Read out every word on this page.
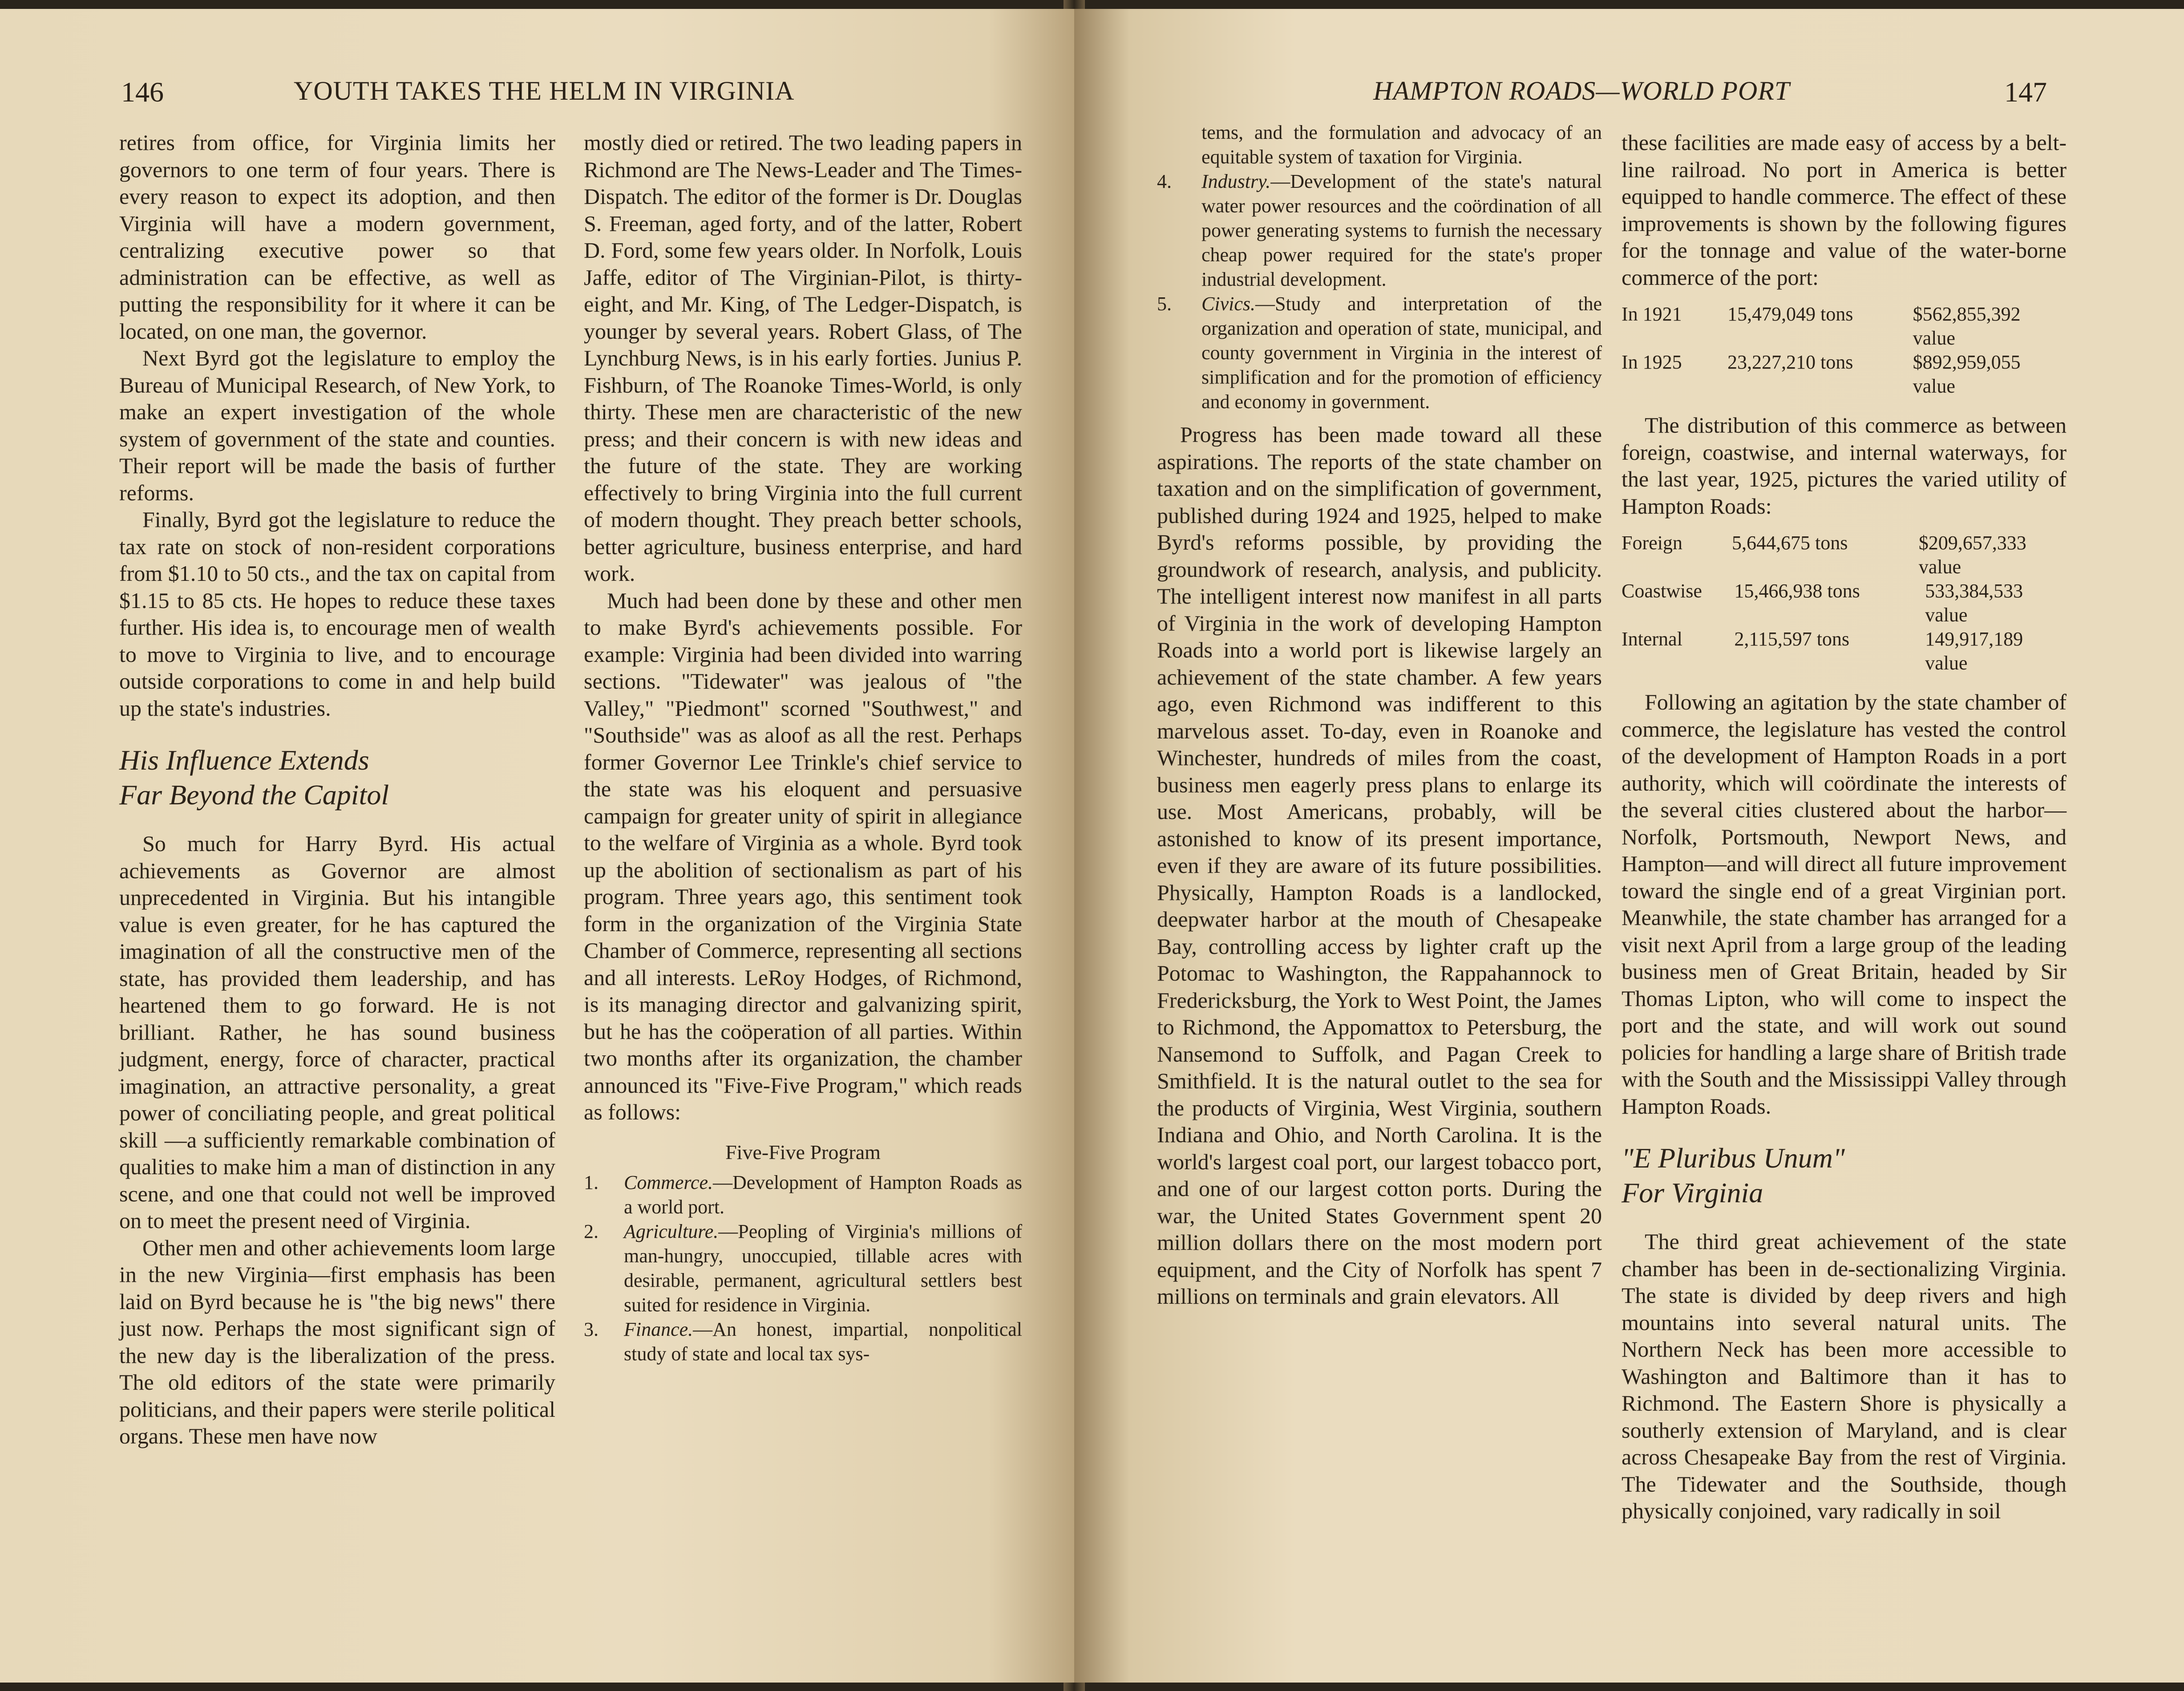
146	YOUTH TAKES THE HELM IN VIRGINIA

retires from office, for Virginia limits her governors to one term of four years. There is every reason to expect its adoption, and then Virginia will have a modern government, centralizing executive power so that administration can be effective, as well as putting the responsibility for it where it can be located, on one man, the governor.

Next Byrd got the legislature to employ the Bureau of Municipal Research, of New York, to make an expert investigation of the whole system of government of the state and counties. Their report will be made the basis of further reforms.

Finally, Byrd got the legislature to reduce the tax rate on stock of non-resident corporations from $1.10 to 50 cts., and the tax on capital from $1.15 to 85 cts. He hopes to reduce these taxes further. His idea is, to encourage men of wealth to move to Virginia to live, and to encourage outside corporations to come in and help build up the state's industries.

His Influence Extends
Far Beyond the Capitol

So much for Harry Byrd. His actual achievements as Governor are almost unprecedented in Virginia. But his intangible value is even greater, for he has captured the imagination of all the constructive men of the state, has provided them leadership, and has heartened them to go forward. He is not brilliant. Rather, he has sound business judgment, energy, force of character, practical imagination, an attractive personality, a great power of conciliating people, and great political skill —a sufficiently remarkable combination of qualities to make him a man of distinction in any scene, and one that could not well be improved on to meet the present need of Virginia.

Other men and other achievements loom large in the new Virginia—first emphasis has been laid on Byrd because he is "the big news" there just now. Perhaps the most significant sign of the new day is the liberalization of the press. The old editors of the state were primarily politicians, and their papers were sterile political organs. These men have now

mostly died or retired. The two leading papers in Richmond are The News-Leader and The Times-Dispatch. The editor of the former is Dr. Douglas S. Freeman, aged forty, and of the latter, Robert D. Ford, some few years older. In Norfolk, Louis Jaffe, editor of The Virginian-Pilot, is thirty-eight, and Mr. King, of The Ledger-Dispatch, is younger by several years. Robert Glass, of The Lynchburg News, is in his early forties. Junius P. Fishburn, of The Roanoke Times-World, is only thirty. These men are characteristic of the new press; and their concern is with new ideas and the future of the state. They are working effectively to bring Virginia into the full current of modern thought. They preach better schools, better agriculture, business enterprise, and hard work.

Much had been done by these and other men to make Byrd's achievements possible. For example: Virginia had been divided into warring sections. "Tidewater" was jealous of "the Valley," "Piedmont" scorned "Southwest," and "Southside" was as aloof as all the rest. Perhaps former Governor Lee Trinkle's chief service to the state was his eloquent and persuasive campaign for greater unity of spirit in allegiance to the welfare of Virginia as a whole. Byrd took up the abolition of sectionalism as part of his program. Three years ago, this sentiment took form in the organization of the Virginia State Chamber of Commerce, representing all sections and all interests. LeRoy Hodges, of Richmond, is its managing director and galvanizing spirit, but he has the coöperation of all parties. Within two months after its organization, the chamber announced its "Five-Five Program," which reads as follows:

Five-Five Program
1. Commerce.—Development of Hampton Roads as a world port.
2. Agriculture.—Peopling of Virginia's millions of man-hungry, unoccupied, tillable acres with desirable, permanent, agricultural settlers best suited for residence in Virginia.
3. Finance.—An honest, impartial, nonpolitical study of state and local tax sys-
HAMPTON ROADS—WORLD PORT	147
tems, and the formulation and advocacy of an equitable system of taxation for Virginia.
4. Industry.—Development of the state's natural water power resources and the coördination of all power generating systems to furnish the necessary cheap power required for the state's proper industrial development.
5. Civics.—Study and interpretation of the organization and operation of state, municipal, and county government in Virginia in the interest of simplification and for the promotion of efficiency and economy in government.

Progress has been made toward all these aspirations. The reports of the state chamber on taxation and on the simplification of government, published during 1924 and 1925, helped to make Byrd's reforms possible, by providing the groundwork of research, analysis, and publicity. The intelligent interest now manifest in all parts of Virginia in the work of developing Hampton Roads into a world port is likewise largely an achievement of the state chamber. A few years ago, even Richmond was indifferent to this marvelous asset. To-day, even in Roanoke and Winchester, hundreds of miles from the coast, business men eagerly press plans to enlarge its use. Most Americans, probably, will be astonished to know of its present importance, even if they are aware of its future possibilities. Physically, Hampton Roads is a landlocked, deepwater harbor at the mouth of Chesapeake Bay, controlling access by lighter craft up the Potomac to Washington, the Rappahannock to Fredericksburg, the York to West Point, the James to Richmond, the Appomattox to Petersburg, the Nansemond to Suffolk, and Pagan Creek to Smithfield. It is the natural outlet to the sea for the products of Virginia, West Virginia, southern Indiana and Ohio, and North Carolina. It is the world's largest coal port, our largest tobacco port, and one of our largest cotton ports. During the war, the United States Government spent 20 million dollars there on the most modern port equipment, and the City of Norfolk has spent 7 millions on terminals and grain elevators. All

these facilities are made easy of access by a belt-line railroad. No port in America is better equipped to handle commerce. The effect of these improvements is shown by the following figures for the tonnage and value of the water-borne commerce of the port:

In 1921	15,479,049 tons	$562,855,392 value
In 1925	23,227,210 tons	$892,959,055 value

The distribution of this commerce as between foreign, coastwise, and internal waterways, for the last year, 1925, pictures the varied utility of Hampton Roads:

Foreign	5,644,675 tons	$209,657,333 value
Coastwise	15,466,938 tons	533,384,533 value
Internal	2,115,597 tons	149,917,189 value

Following an agitation by the state chamber of commerce, the legislature has vested the control of the development of Hampton Roads in a port authority, which will coördinate the interests of the several cities clustered about the harbor—Norfolk, Portsmouth, Newport News, and Hampton—and will direct all future improvement toward the single end of a great Virginian port. Meanwhile, the state chamber has arranged for a visit next April from a large group of the leading business men of Great Britain, headed by Sir Thomas Lipton, who will come to inspect the port and the state, and will work out sound policies for handling a large share of British trade with the South and the Mississippi Valley through Hampton Roads.

"E Pluribus Unum"
For Virginia

The third great achievement of the state chamber has been in de-sectionalizing Virginia. The state is divided by deep rivers and high mountains into several natural units. The Northern Neck has been more accessible to Washington and Baltimore than it has to Richmond. The Eastern Shore is physically a southerly extension of Maryland, and is clear across Chesapeake Bay from the rest of Virginia. The Tidewater and the Southside, though physically conjoined, vary radically in soil
